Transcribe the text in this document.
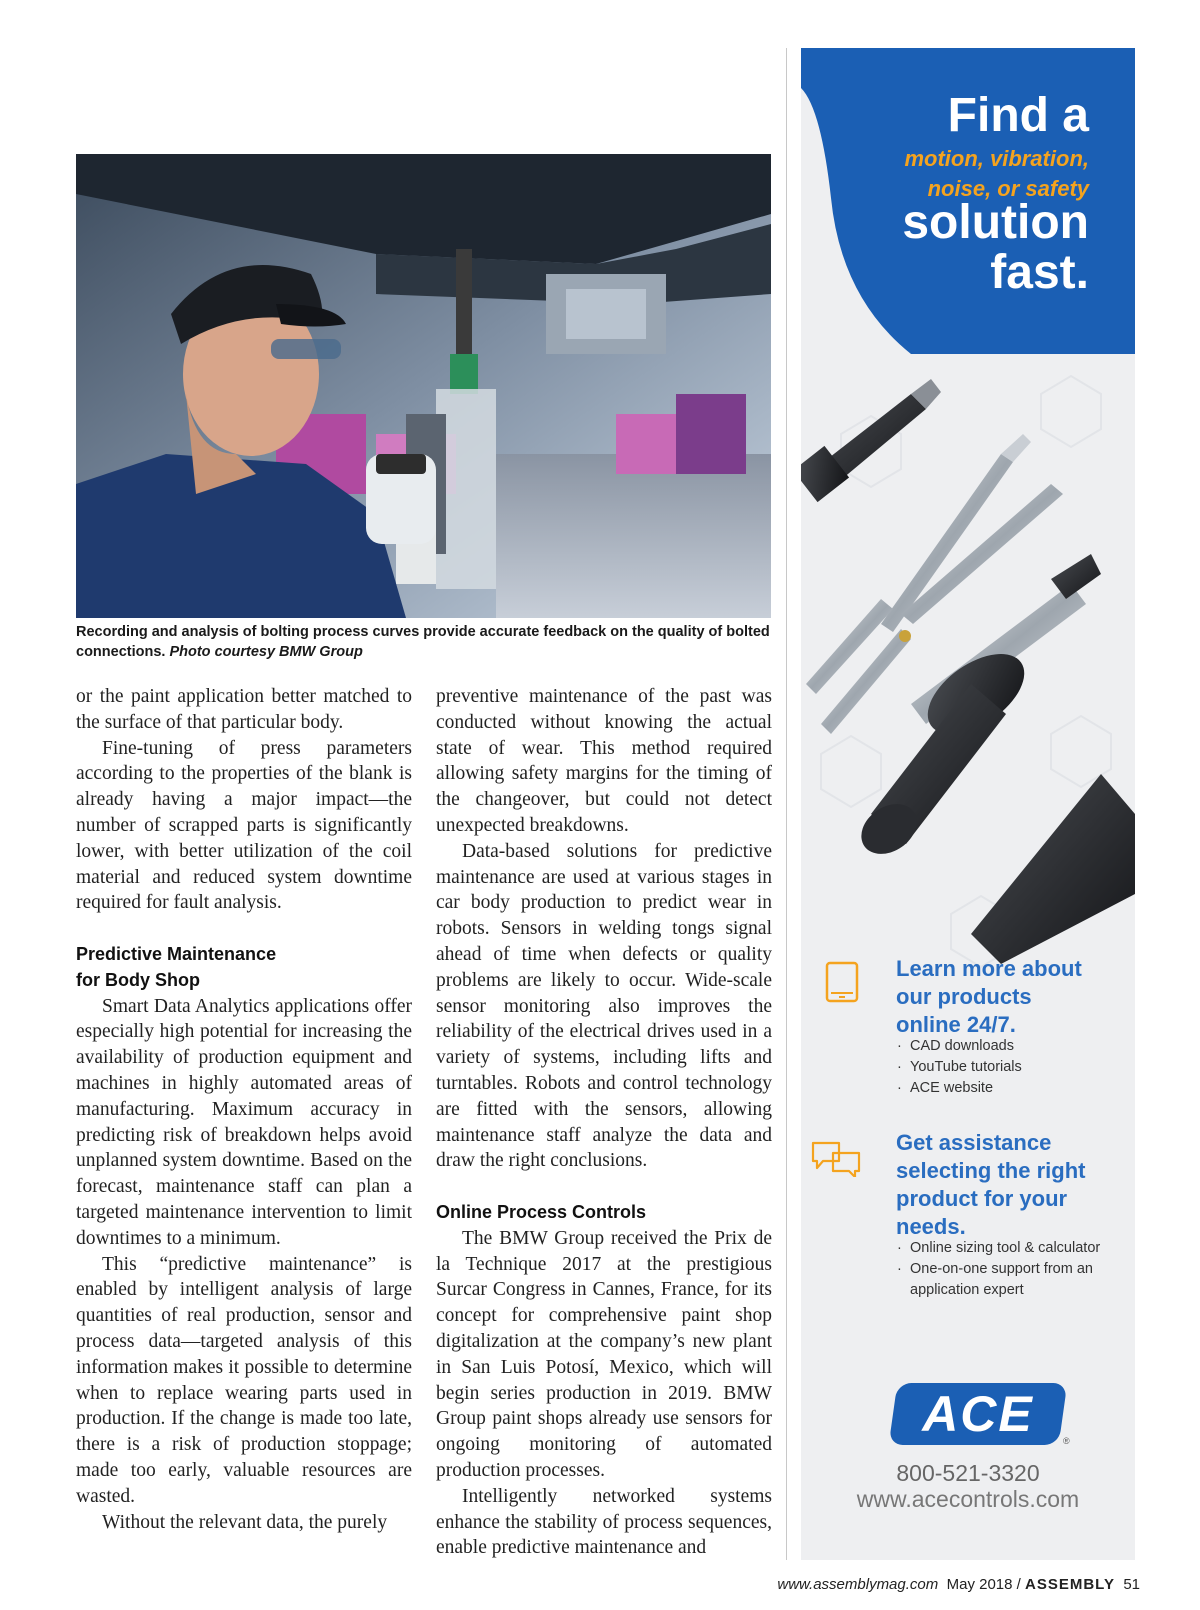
Recording and analysis of bolting process curves provide accurate feedback on the quality of bolted connections. Photo courtesy BMW Group

or the paint application better matched to the surface of that particular body.

Fine-tuning of press parameters according to the properties of the blank is already having a major impact—the number of scrapped parts is significantly lower, with better utilization of the coil material and reduced system downtime required for fault analysis.

Predictive Maintenance
for Body Shop

Smart Data Analytics applications offer especially high potential for increasing the availability of production equipment and machines in highly automated areas of manufacturing. Maximum accuracy in predicting risk of breakdown helps avoid unplanned system downtime. Based on the forecast, maintenance staff can plan a targeted maintenance intervention to limit downtimes to a minimum.

This “predictive maintenance” is enabled by intelligent analysis of large quantities of real production, sensor and process data—targeted analysis of this information makes it possible to determine when to replace wearing parts used in production. If the change is made too late, there is a risk of production stoppage; made too early, valuable resources are wasted.

Without the relevant data, the purely

preventive maintenance of the past was conducted without knowing the actual state of wear. This method required allowing safety margins for the timing of the changeover, but could not detect unexpected breakdowns.

Data-based solutions for predictive maintenance are used at various stages in car body production to predict wear in robots. Sensors in welding tongs signal ahead of time when defects or quality problems are likely to occur. Wide-scale sensor monitoring also improves the reliability of the electrical drives used in a variety of systems, including lifts and turntables. Robots and control technology are fitted with the sensors, allowing maintenance staff analyze the data and draw the right conclusions.

Online Process Controls

The BMW Group received the Prix de la Technique 2017 at the prestigious Surcar Congress in Cannes, France, for its concept for comprehensive paint shop digitalization at the company’s new plant in San Luis Potosí, Mexico, which will begin series production in 2019. BMW Group paint shops already use sensors for ongoing monitoring of automated production processes.

Intelligently networked systems enhance the stability of process sequences, enable predictive maintenance and

Find a
motion, vibration,
noise, or safety
solution
fast.
Learn more about
our products
online 24/7.
· CAD downloads
· YouTube tutorials
· ACE website
Get assistance
selecting the right
product for your
needs.
· Online sizing tool & calculator
· One-on-one support from an application expert
ACE	®
800-521-3320
www.acecontrols.com
www.assemblymag.com May 2018 / ASSEMBLY 51
